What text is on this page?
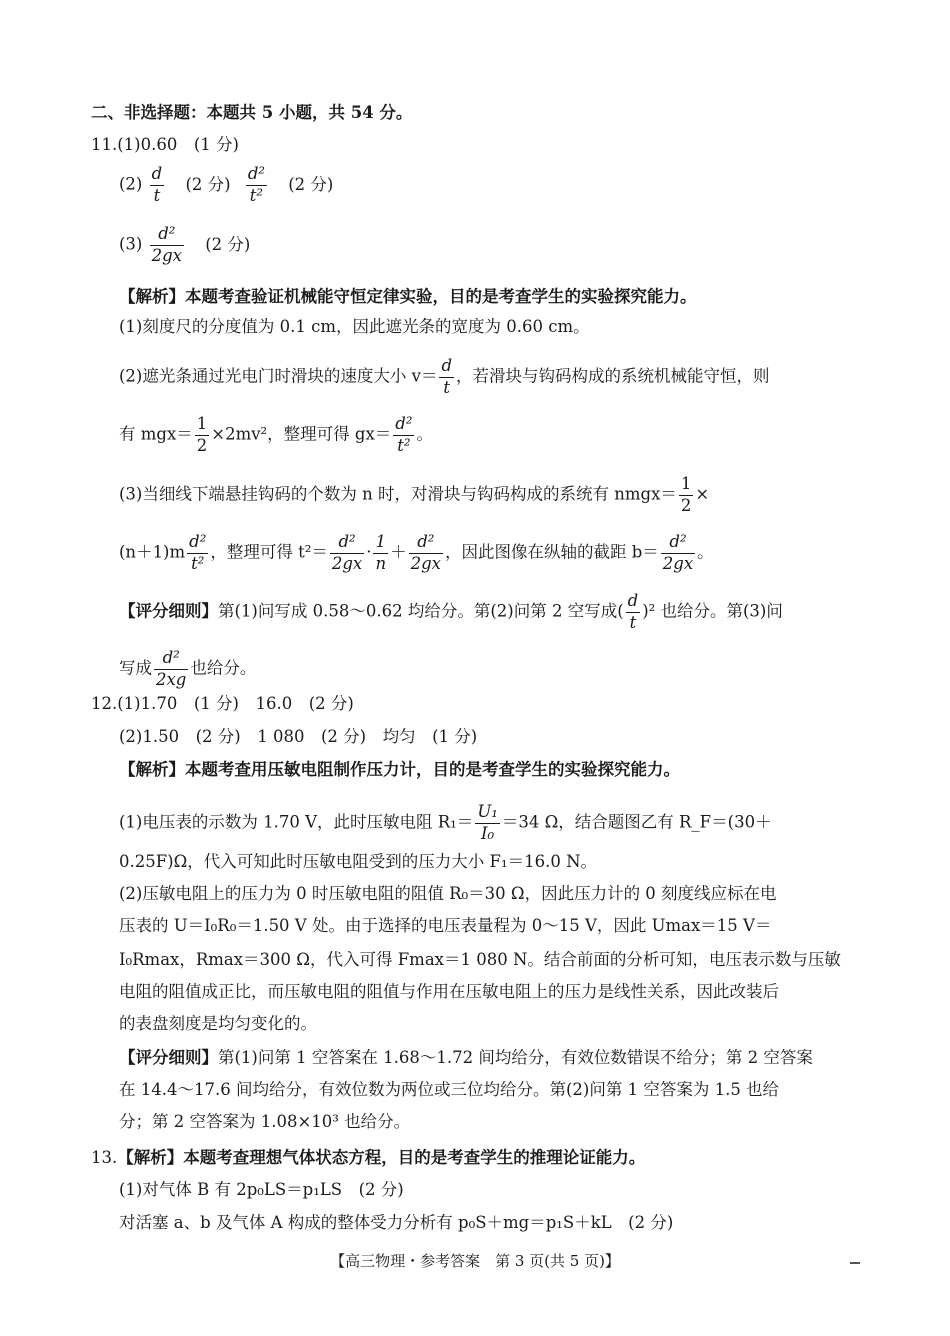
二、非选择题：本题共 5 小题，共 54 分。
11.(1)0.60　(1 分)
$(2) \frac{d}{t} (2$ 分) $\frac{\text{d²}}{\text{t²}} (2$ 分)
$(3) \frac{\text{d²}}{2gx} (2$ 分)
【解析】本题考查验证机械能守恒定律实验，目的是考查学生的实验探究能力。
(1)刻度尺的分度值为 0.1 cm，因此遮光条的宽度为 0.60 cm。
(2)遮光条通过光电门时滑块的速度大小 $v= \frac{d}{t}$ ，若滑块与钩码构成的系统机械能守恒，则
有 $mgx= \frac{1}{2} \times 2mv^2$，整理可得 $gx= \frac{\text{d²}}{\text{t²}}$ 。
(3)当细线下端悬挂钩码的个数为 n 时，对滑块与钩码构成的系统有 nmgx＝ $\frac{1}{2}$ ×
$(n+1)m \frac{\text{d²}}{\text{t²}}$ ，整理可得 $t^2= \frac{\text{d²}}{2gx} \cdot \frac{1}{n} + \frac{\text{d²}}{2gx}$ ，因此图像在纵轴的截距 $b= \frac{\text{d²}}{2gx}$ 。
【评分细则】第(1)问写成 0.58～0.62 均给分。第(2)问第 2 空写成( $\frac{d}{t} )^2$ 也给分。第(3)问
写成 $\frac{\text{d²}}{2xg}$ 也给分。
12.(1)1.70　(1 分)　16.0　(2 分)
(2)1.50　(2 分)　1 080　(2 分)　均匀　(1 分)
【解析】本题考查用压敏电阻制作压力计，目的是考查学生的实验探究能力。
(1)电压表的示数为 1.70 V，此时压敏电阻 $R_1= \frac{\text{U₁}}{\text{I₀}} =34$ Ω，结合题图乙有 R_F＝(30＋
0.25F)Ω，代入可知此时压敏电阻受到的压力大小 F₁＝16.0 N。
(2)压敏电阻上的压力为 0 时压敏电阻的阻值 R₀＝30 Ω，因此压力计的 0 刻度线应标在电
压表的 U＝I₀R₀＝1.50 V 处。由于选择的电压表量程为 0～15 V，因此 Umax＝15 V＝
I₀Rmax，Rmax＝300 Ω，代入可得 Fmax＝1 080 N。结合前面的分析可知，电压表示数与压敏
电阻的阻值成正比，而压敏电阻的阻值与作用在压敏电阻上的压力是线性关系，因此改装后
的表盘刻度是均匀变化的。
【评分细则】第(1)问第 1 空答案在 1.68～1.72 间均给分，有效位数错误不给分；第 2 空答案
在 14.4～17.6 间均给分，有效位数为两位或三位均给分。第(2)问第 1 空答案为 1.5 也给
分；第 2 空答案为 1.08×10³ 也给分。
13.【解析】本题考查理想气体状态方程，目的是考查学生的推理论证能力。
(1)对气体 B 有 2p₀LS＝p₁LS　(2 分)
对活塞 a、b 及气体 A 构成的整体受力分析有 p₀S＋mg＝p₁S＋kL　(2 分)
【高三物理・参考答案　第 3 页(共 5 页)】
